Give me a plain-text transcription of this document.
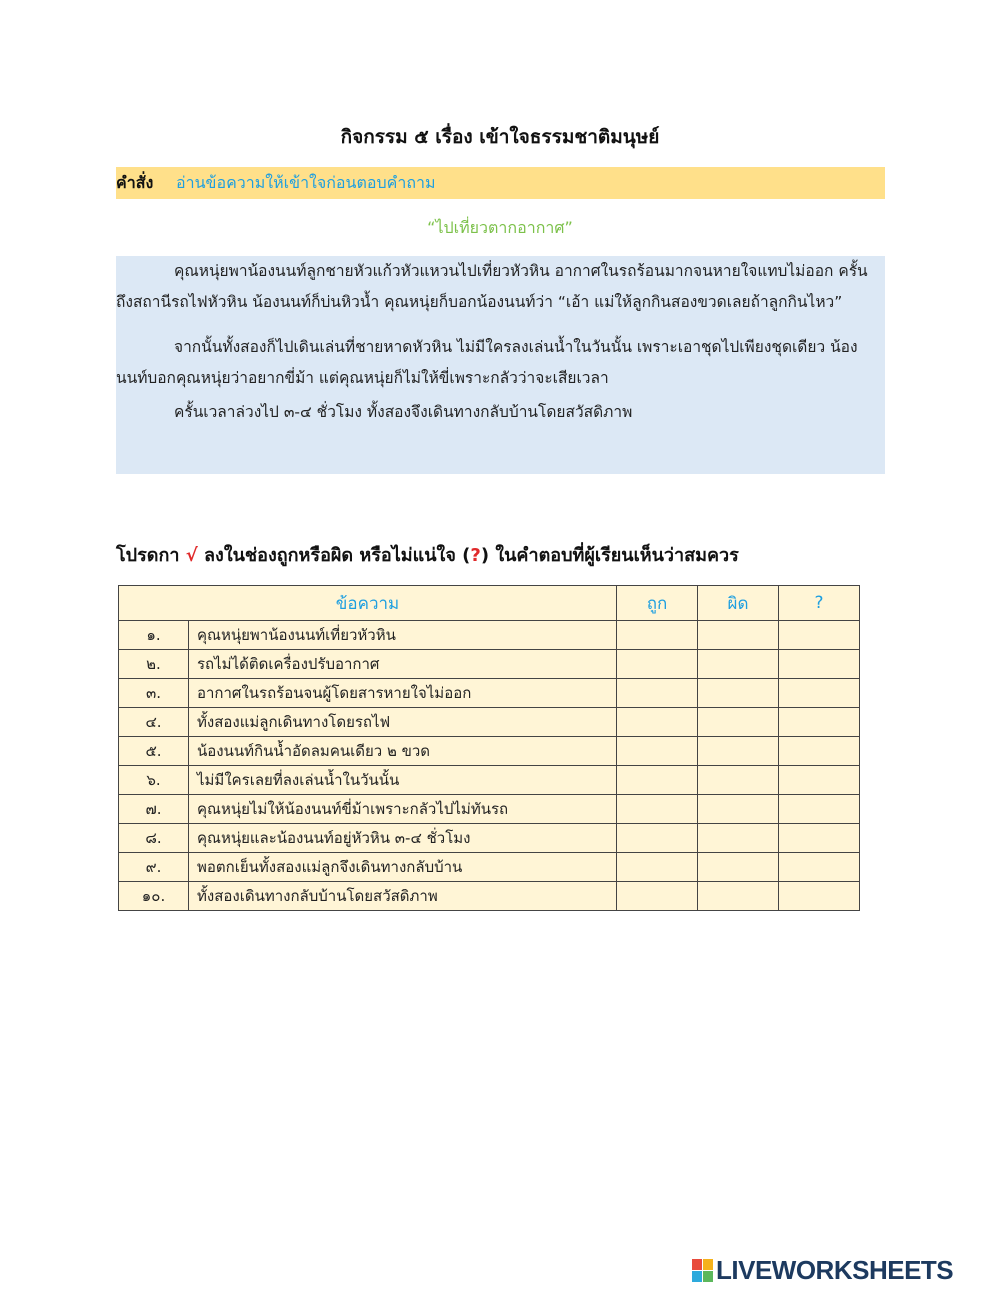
กิจกรรม ๕ เรื่อง เข้าใจธรรมชาติมนุษย์
คำสั่ง	อ่านข้อความให้เข้าใจก่อนตอบคำถาม
“ไปเที่ยวตากอากาศ”

คุณหนุ่ยพาน้องนนท์ลูกชายหัวแก้วหัวแหวนไปเที่ยวหัวหิน อากาศในรถร้อนมากจนหายใจแทบไม่ออก ครั้นถึงสถานีรถไฟหัวหิน น้องนนท์ก็บ่นหิวน้ำ คุณหนุ่ยก็บอกน้องนนท์ว่า “เอ้า แม่ให้ลูกกินสองขวดเลยถ้าลูกกินไหว”

จากนั้นทั้งสองก็ไปเดินเล่นที่ชายหาดหัวหิน ไม่มีใครลงเล่นน้ำในวันนั้น เพราะเอาชุดไปเพียงชุดเดียว น้องนนท์บอกคุณหนุ่ยว่าอยากขี่ม้า แต่คุณหนุ่ยก็ไม่ให้ขี่เพราะกลัวว่าจะเสียเวลา

ครั้นเวลาล่วงไป ๓-๔ ชั่วโมง ทั้งสองจึงเดินทางกลับบ้านโดยสวัสดิภาพ

โปรดกา √ ลงในช่องถูกหรือผิด หรือไม่แน่ใจ (?) ในคำตอบที่ผู้เรียนเห็นว่าสมควร
ข้อความ		ถูก	ผิด	?
๑.	คุณหนุ่ยพาน้องนนท์เที่ยวหัวหิน			
๒.	รถไม่ได้ติดเครื่องปรับอากาศ			
๓.	อากาศในรถร้อนจนผู้โดยสารหายใจไม่ออก			
๔.	ทั้งสองแม่ลูกเดินทางโดยรถไฟ			
๕.	น้องนนท์กินน้ำอัดลมคนเดียว ๒ ขวด			
๖.	ไม่มีใครเลยที่ลงเล่นน้ำในวันนั้น			
๗.	คุณหนุ่ยไม่ให้น้องนนท์ขี่ม้าเพราะกลัวไปไม่ทันรถ			
๘.	คุณหนุ่ยและน้องนนท์อยู่หัวหิน ๓-๔ ชั่วโมง			
๙.	พอตกเย็นทั้งสองแม่ลูกจึงเดินทางกลับบ้าน			
๑๐.	ทั้งสองเดินทางกลับบ้านโดยสวัสดิภาพ			
LIVEWORKSHEETS
